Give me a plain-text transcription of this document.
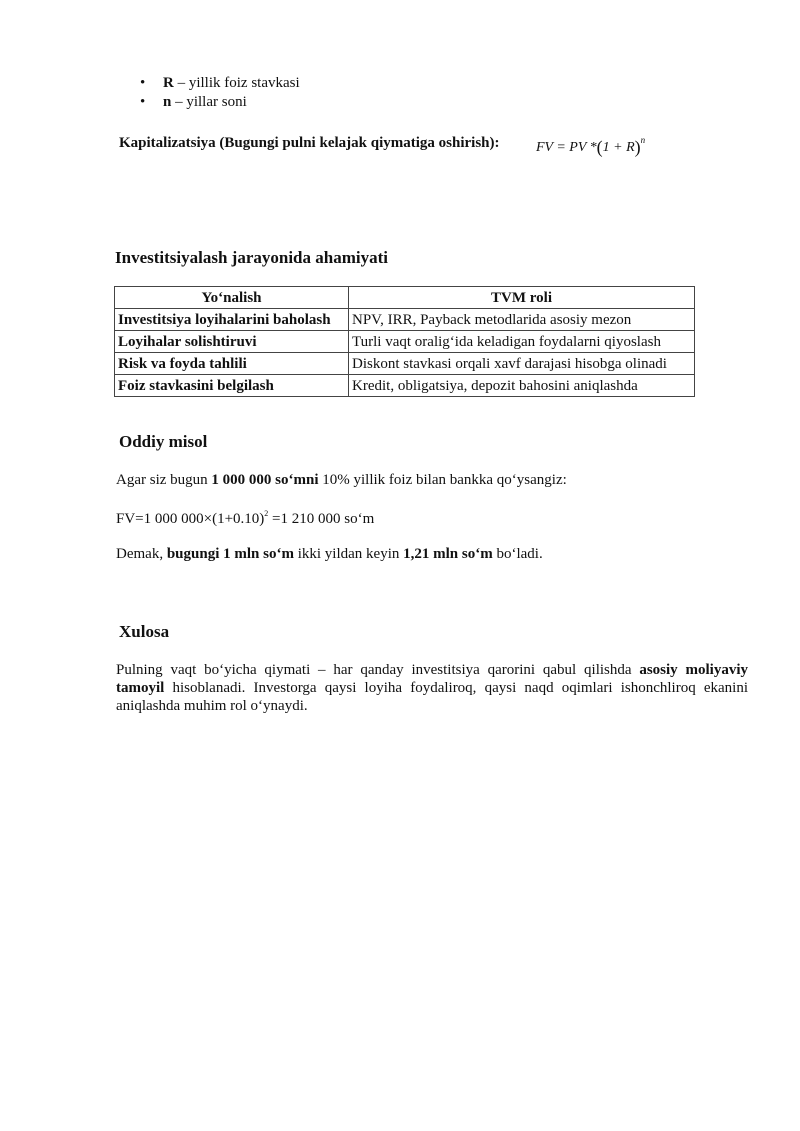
• R – yillik foiz stavkasi
• n – yillar soni
Kapitalizatsiya (Bugungi pulni kelajak qiymatiga oshirish):	FV = PV $*(1 + R)^n$
Investitsiyalash jarayonida ahamiyati
Yo‘nalish	TVM roli
Investitsiya loyihalarini baholash	NPV, IRR, Payback metodlarida asosiy mezon
Loyihalar solishtiruvi	Turli vaqt oralig‘ida keladigan foydalarni qiyoslash
Risk va foyda tahlili	Diskont stavkasi orqali xavf darajasi hisobga olinadi
Foiz stavkasini belgilash	Kredit, obligatsiya, depozit bahosini aniqlashda
Oddiy misol

Agar siz bugun 1 000 000 so‘mni 10% yillik foiz bilan bankka qo‘ysangiz:

FV=1 000 $000\times(1+0.10)^2 =1$ 210 000 so‘m

Demak, bugungi 1 mln so‘m ikki yildan keyin 1,21 mln so‘m bo‘ladi.

Xulosa

Pulning vaqt bo‘yicha qiymati – har qanday investitsiya qarorini qabul qilishda asosiy moliyaviy tamoyil hisoblanadi. Investorga qaysi loyiha foydaliroq, qaysi naqd oqimlari ishonchliroq ekanini aniqlashda muhim rol o‘ynaydi.
